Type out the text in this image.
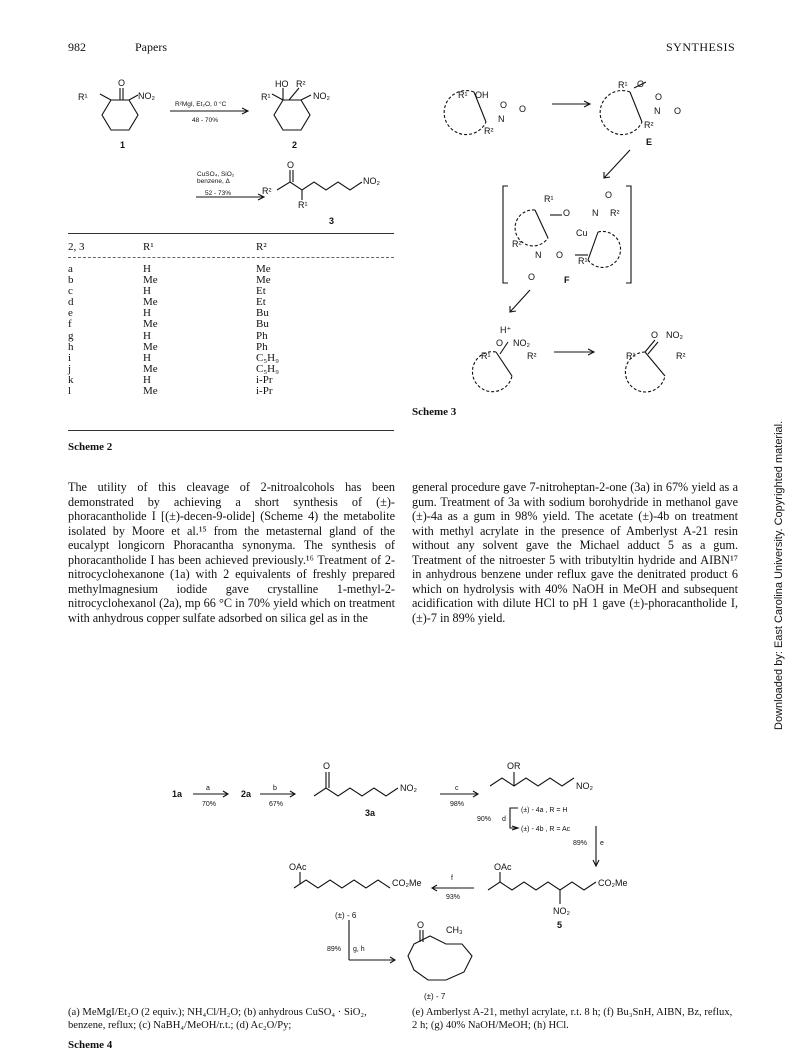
982	Papers	SYNTHESIS
O
R¹	NO₂
1
R²MgI, Et₂O, 0 °C
48 - 70%
R¹
HO R²
NO₂
2
CuSO₄, SiO₂
benzene, Δ
52 - 73%
O
R²
R¹
NO₂
3
2, 3	R¹	R²
a	H	Me
b	Me	Me
c	H	Et
d	Me	Et
e	H	Bu
f	Me	Bu
g	H	Ph
h	Me	Ph
i	H	C₅H₉
j	Me	C₅H₉
k	H	i-Pr
l	Me	i-Pr
Scheme 2
R¹ OH
O
N
O
R²
R¹ O
O
N O
R²
E
R¹
O N
O
R²
Cu
R²
N O
O
R¹
F
H⁺
O NO₂
R¹	R²	R¹
O NO₂
R²
Scheme 3
The utility of this cleavage of 2-nitroalcohols has been demonstrated by achieving a short synthesis of (±)-phoracantholide I [(±)-decen-9-olide] (Scheme 4) the metabolite isolated by Moore et al.¹⁵ from the metasternal gland of the eucalypt longicorn Phoracantha synonyma. The synthesis of phoracantholide I has been achieved previously.¹⁶ Treatment of 2-nitrocyclohexanone (1a) with 2 equivalents of freshly prepared methylmagnesium iodide gave crystalline 1-methyl-2-nitrocyclohexanol (2a), mp 66 °C in 70% yield which on treatment with anhydrous copper sulfate adsorbed on silica gel as in the
general procedure gave 7-nitroheptan-2-one (3a) in 67% yield as a gum. Treatment of 3a with sodium borohydride in methanol gave (±)-4a as a gum in 98% yield. The acetate (±)-4b on treatment with methyl acrylate in the presence of Amberlyst A-21 resin without any solvent gave the Michael adduct 5 as a gum. Treatment of the nitroester 5 with tributyltin hydride and AIBN¹⁷ in anhydrous benzene under reflux gave the denitrated product 6 which on hydrolysis with 40% NaOH in MeOH and subsequent acidification with dilute HCl to pH 1 gave (±)-phoracantholide I, (±)-7 in 89% yield.
1a
a
70%
2a
b
67%
O
NO₂
3a
c
98%
OR
NO₂
90% d
(±) - 4a , R = H
(±) - 4b , R = Ac
89% e
OAc
CO₂Me
NO₂
5
f
93%
OAc
CO₂Me
(±) - 6
89% g, h
O CH₃
(±) - 7
(a) MeMgI/Et₂O (2 equiv.); NH₄Cl/H₂O; (b) anhydrous CuSO₄ · SiO₂, benzene, reflux; (c) NaBH₄/MeOH/r.t.; (d) Ac₂O/Py;
(e) Amberlyst A-21, methyl acrylate, r.t. 8 h; (f) Bu₃SnH, AIBN, Bz, reflux, 2 h; (g) 40% NaOH/MeOH; (h) HCl.
Scheme 4
Downloaded by: East Carolina University. Copyrighted material.
